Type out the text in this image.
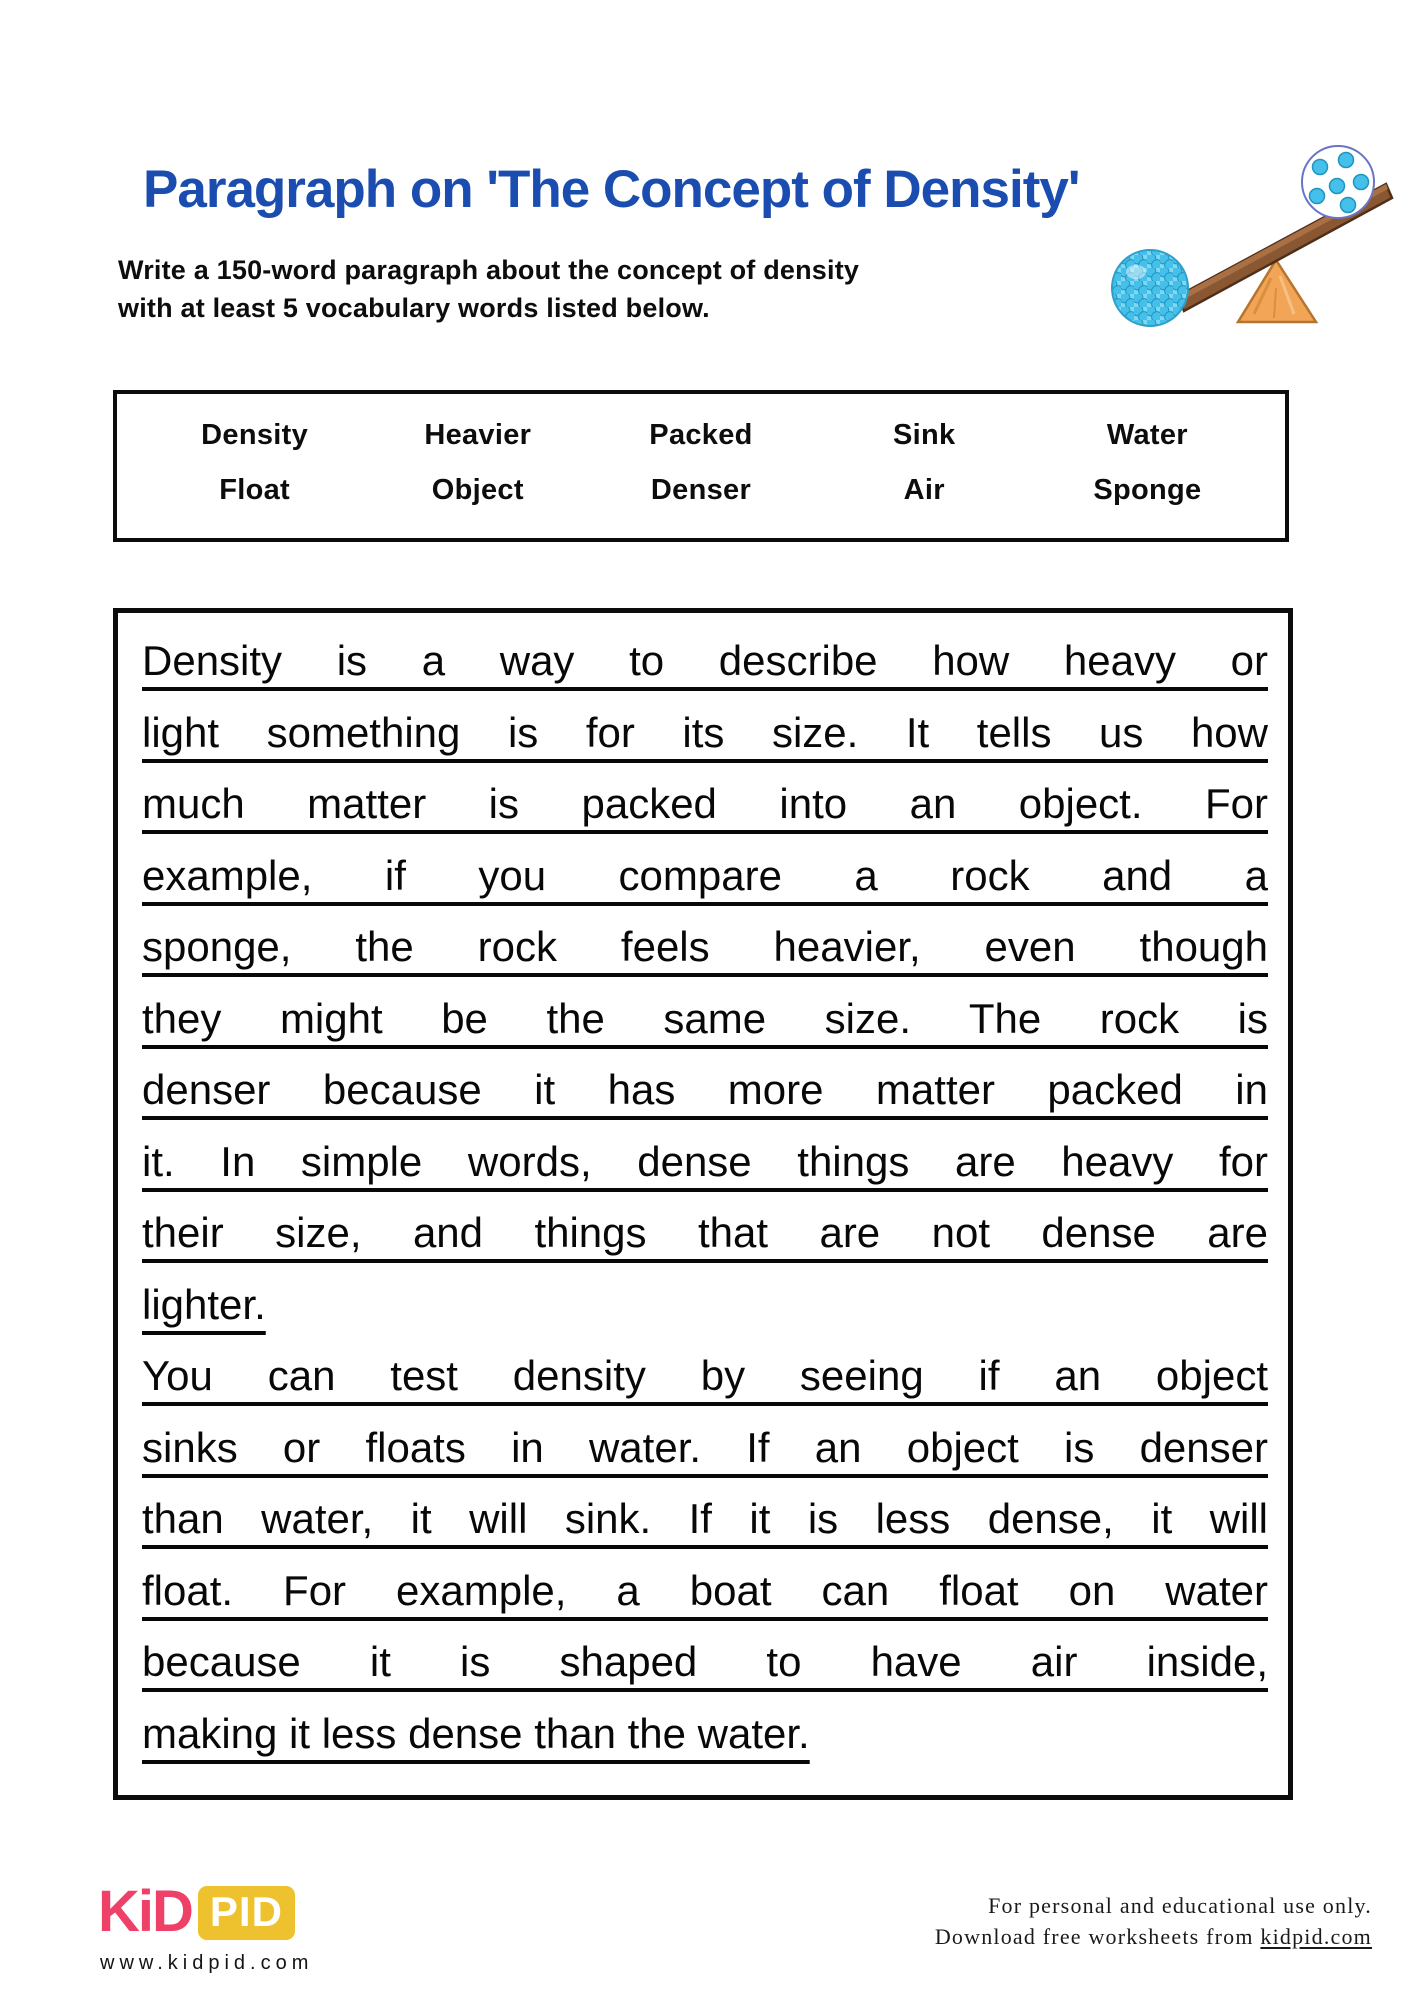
Paragraph on 'The Concept of Density'
Write a 150-word paragraph about the concept of density
with at least 5 vocabulary words listed below.
Density	Heavier	Packed	Sink	Water
Float	Object	Denser	Air	Sponge
Density is a way to describe how heavy or
light something is for its size. It tells us how
much matter is packed into an object. For
example, if you compare a rock and a
sponge, the rock feels heavier, even though
they might be the same size. The rock is
denser because it has more matter packed in
it. In simple words, dense things are heavy for
their size, and things that are not dense are
lighter.
You can test density by seeing if an object
sinks or floats in water. If an object is denser
than water, it will sink. If it is less dense, it will
float. For example, a boat can float on water
because it is shaped to have air inside,
making it less dense than the water.
KiD PID
www.kidpid.com
For personal and educational use only.
Download free worksheets from kidpid.com
